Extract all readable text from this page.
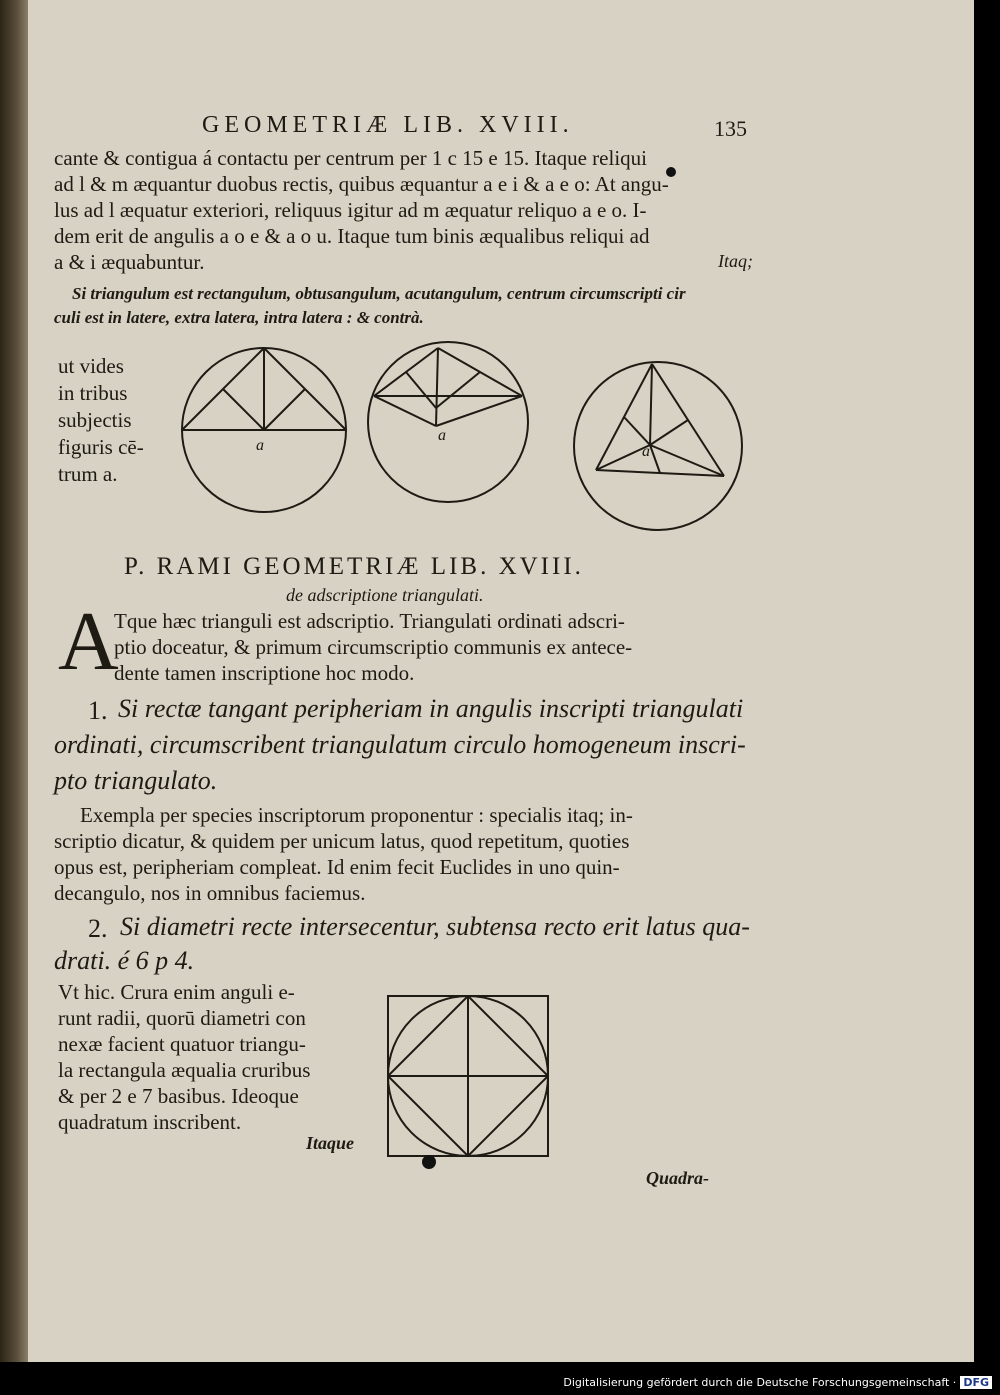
GEOMETRIÆ LIB. XVIII.	135
cante & contigua á contactu per centrum per 1 c 15 e 15. Itaque reliqui
ad l & m æquantur duobus rectis, quibus æquantur a e i & a e o: At angu-
lus ad l æquatur exteriori, reliquus igitur ad m æquatur reliquo a e o. I-
dem erit de angulis a o e & a o u. Itaque tum binis æqualibus reliqui ad
a & i æquabuntur.	Itaq;
Si triangulum est rectangulum, obtusangulum, acutangulum, centrum circumscripti cir
culi est in latere, extra latera, intra latera : & contrà.
ut vides
in tribus
subjectis
figuris cē-
trum a.
a
a
a
P. RAMI GEOMETRIÆ LIB. XVIII.
de adscriptione triangulati.
A
Tque hæc trianguli est adscriptio. Triangulati ordinati adscri-
ptio doceatur, & primum circumscriptio communis ex antece-
dente tamen inscriptione hoc modo.
1. Si rectæ tangant peripheriam in angulis inscripti triangulati
ordinati, circumscribent triangulatum circulo homogeneum inscri-
pto triangulato.
Exempla per species inscriptorum proponentur : specialis itaq; in-
scriptio dicatur, & quidem per unicum latus, quod repetitum, quoties
opus est, peripheriam compleat. Id enim fecit Euclides in uno quin-
decangulo, nos in omnibus faciemus.
2. Si diametri recte intersecentur, subtensa recto erit latus qua-
drati. é 6 p 4.
Vt hic. Crura enim anguli e-
runt radii, quorū diametri con
nexæ facient quatuor triangu-
la rectangula æqualia cruribus
& per 2 e 7 basibus. Ideoque
quadratum inscribent.
Itaque
Quadra-
Digitalisierung gefördert durch die Deutsche Forschungsgemeinschaft · DFG
